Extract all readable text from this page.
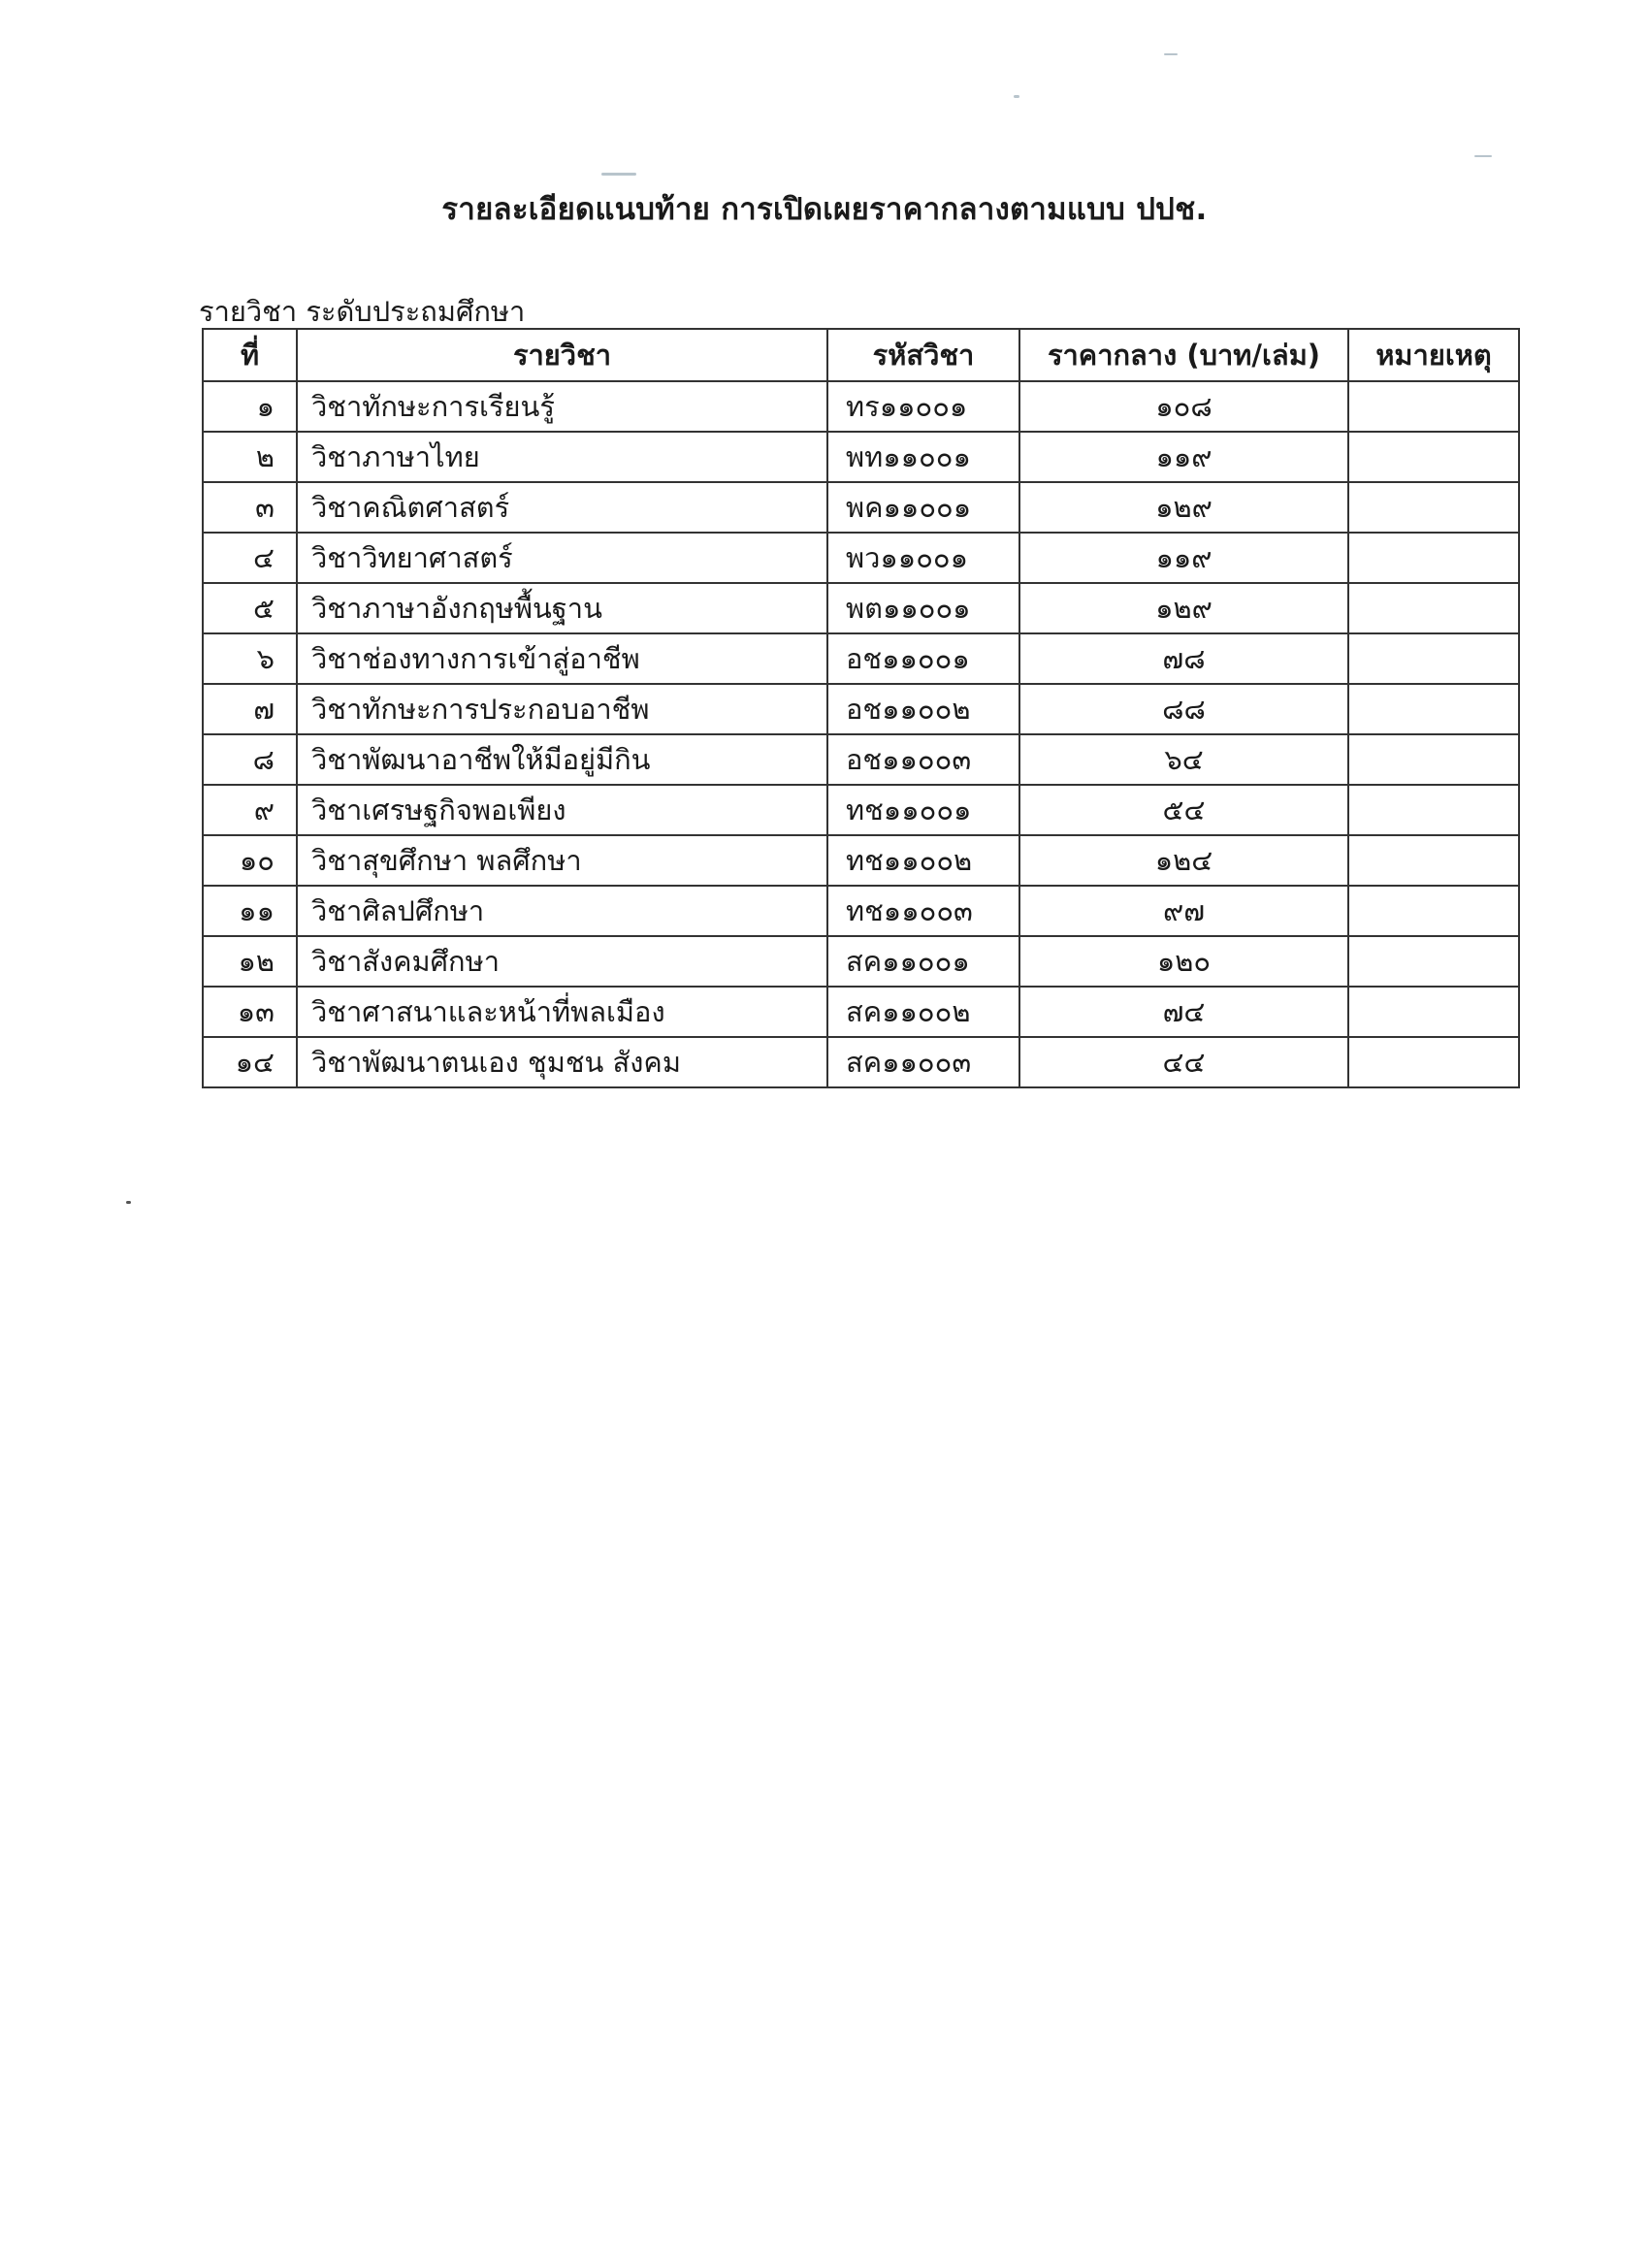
รายละเอียดแนบท้าย การเปิดเผยราคากลางตามแบบ ปปช.
รายวิชา ระดับประถมศึกษา
ที่	รายวิชา	รหัสวิชา	ราคากลาง (บาท/เล่ม)	หมายเหตุ
๑	วิชาทักษะการเรียนรู้	ทร๑๑๐๐๑	๑๐๘	
๒	วิชาภาษาไทย	พท๑๑๐๐๑	๑๑๙	
๓	วิชาคณิตศาสตร์	พค๑๑๐๐๑	๑๒๙	
๔	วิชาวิทยาศาสตร์	พว๑๑๐๐๑	๑๑๙	
๕	วิชาภาษาอังกฤษพื้นฐาน	พต๑๑๐๐๑	๑๒๙	
๖	วิชาช่องทางการเข้าสู่อาชีพ	อช๑๑๐๐๑	๗๘	
๗	วิชาทักษะการประกอบอาชีพ	อช๑๑๐๐๒	๘๘	
๘	วิชาพัฒนาอาชีพให้มีอยู่มีกิน	อช๑๑๐๐๓	๖๔	
๙	วิชาเศรษฐกิจพอเพียง	ทช๑๑๐๐๑	๕๔	
๑๐	วิชาสุขศึกษา พลศึกษา	ทช๑๑๐๐๒	๑๒๔	
๑๑	วิชาศิลปศึกษา	ทช๑๑๐๐๓	๙๗	
๑๒	วิชาสังคมศึกษา	สค๑๑๐๐๑	๑๒๐	
๑๓	วิชาศาสนาและหน้าที่พลเมือง	สค๑๑๐๐๒	๗๔	
๑๔	วิชาพัฒนาตนเอง ชุมชน สังคม	สค๑๑๐๐๓	๔๔	
